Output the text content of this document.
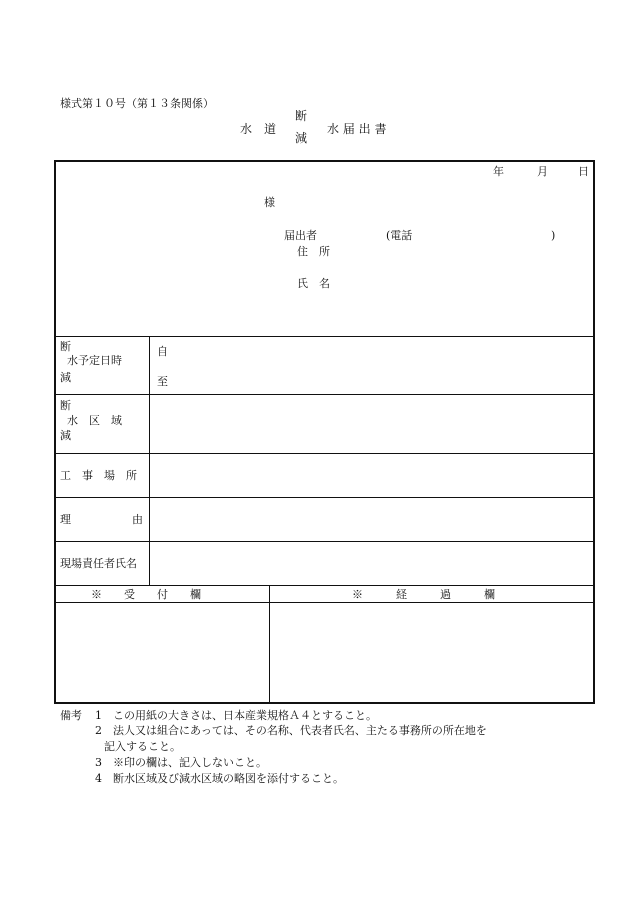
様式第１０号（第１３条関係）
水　道
断
減
水 届 出 書
年	月	日
様
届出者	(電話	)
住　所
氏　名
断
水予定日時
減
自
至
断
水　区　域
減
工　事　場　所
理	由
現場責任者氏名
※　　受　　付　　欄	※　　　経　　　過　　　欄
備考 1　この用紙の大きさは、日本産業規格Ａ４とすること。
2　法人又は組合にあっては、その名称、代表者氏名、主たる事務所の所在地を
記入すること。
3　※印の欄は、記入しないこと。
4　断水区域及び減水区域の略図を添付すること。
